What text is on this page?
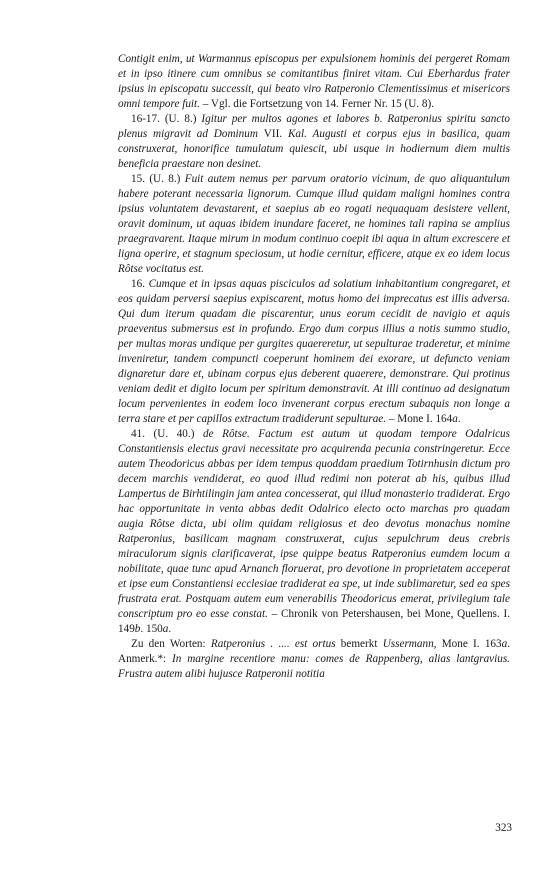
Contigit enim, ut Warmannus episcopus per expulsionem hominis dei pergeret Romam et in ipso itinere cum omnibus se comitantibus finiret vitam. Cui Eberhardus frater ipsius in episcopatu successit, qui beato viro Ratperonio Clementissimus et misericors omni tempore fuit. – Vgl. die Fortsetzung von 14. Ferner Nr. 15 (U. 8).

16-17. (U. 8.) Igitur per multos agones et labores b. Ratperonius spiritu sancto plenus migravit ad Dominum VII. Kal. Augusti et corpus ejus in basilica, quam construxerat, honorifice tumulatum quiescit, ubi usque in hodiernum diem multis beneficia praestare non desinet.

15. (U. 8.) Fuit autem nemus per parvum oratorio vicinum, de quo aliquantulum habere poterant necessaria lignorum. Cumque illud quidam maligni homines contra ipsius voluntatem devastarent, et saepius ab eo rogati nequaquam desistere vellent, oravit dominum, ut aquas ibidem inundare faceret, ne homines tali rapina se amplius praegravarent. Itaque mirum in modum continuo coepit ibi aqua in altum excrescere et ligna operire, et stagnum speciosum, ut hodie cernitur, efficere, atque ex eo idem locus Rôtse vocitatus est.

16. Cumque et in ipsas aquas pisciculos ad solatium inhabitantium congregaret, et eos quidam perversi saepius expiscarent, motus homo dei imprecatus est illis adversa. Qui dum iterum quadam die piscarentur, unus eorum cecidit de navigio et aquis praeventus submersus est in profundo. Ergo dum corpus illius a notis summo studio, per multas moras undique per gurgites quaereretur, ut sepulturae traderetur, et minime inveniretur, tandem compuncti coeperunt hominem dei exorare, ut defuncto veniam dignaretur dare et, ubinam corpus ejus deberent quaerere, demonstrare. Qui protinus veniam dedit et digito locum per spiritum demonstravit. At illi continuo ad designatum locum pervenientes in eodem loco invenerant corpus erectum subaquis non longe a terra stare et per capillos extractum tradiderunt sepulturae. – Mone I. 164a.

41. (U. 40.) de Rôtse. Factum est autum ut quodam tempore Odalricus Constantiensis electus gravi necessitate pro acquirenda pecunia constringeretur. Ecce autem Theodoricus abbas per idem tempus quoddam praedium Totirnhusin dictum pro decem marchis vendiderat, eo quod illud redimi non poterat ab his, quibus illud Lampertus de Birhtilingin jam antea concesserat, qui illud monasterio tradiderat. Ergo hac opportunitate in venta abbas dedit Odalrico electo octo marchas pro quadam augia Rôtse dicta, ubi olim quidam religiosus et deo devotus monachus nomine Ratperonius, basilicam magnam construxerat, cujus sepulchrum deus crebris miraculorum signis clarificaverat, ipse quippe beatus Ratperonius eumdem locum a nobilitate, quae tunc apud Arnanch floruerat, pro devotione in proprietatem acceperat et ipse eum Constantiensi ecclesiae tradiderat ea spe, ut inde sublimaretur, sed ea spes frustrata erat. Postquam autem eum venerabilis Theodoricus emerat, privilegium tale conscriptum pro eo esse constat. – Chronik von Petershausen, bei Mone, Quellens. I. 149b. 150a.

Zu den Worten: Ratperonius . .... est ortus bemerkt Ussermann, Mone I. 163a. Anmerk.*: In margine recentiore manu: comes de Rappenberg, alias lantgravius. Frustra autem alibi hujusce Ratperonii notitia

323
